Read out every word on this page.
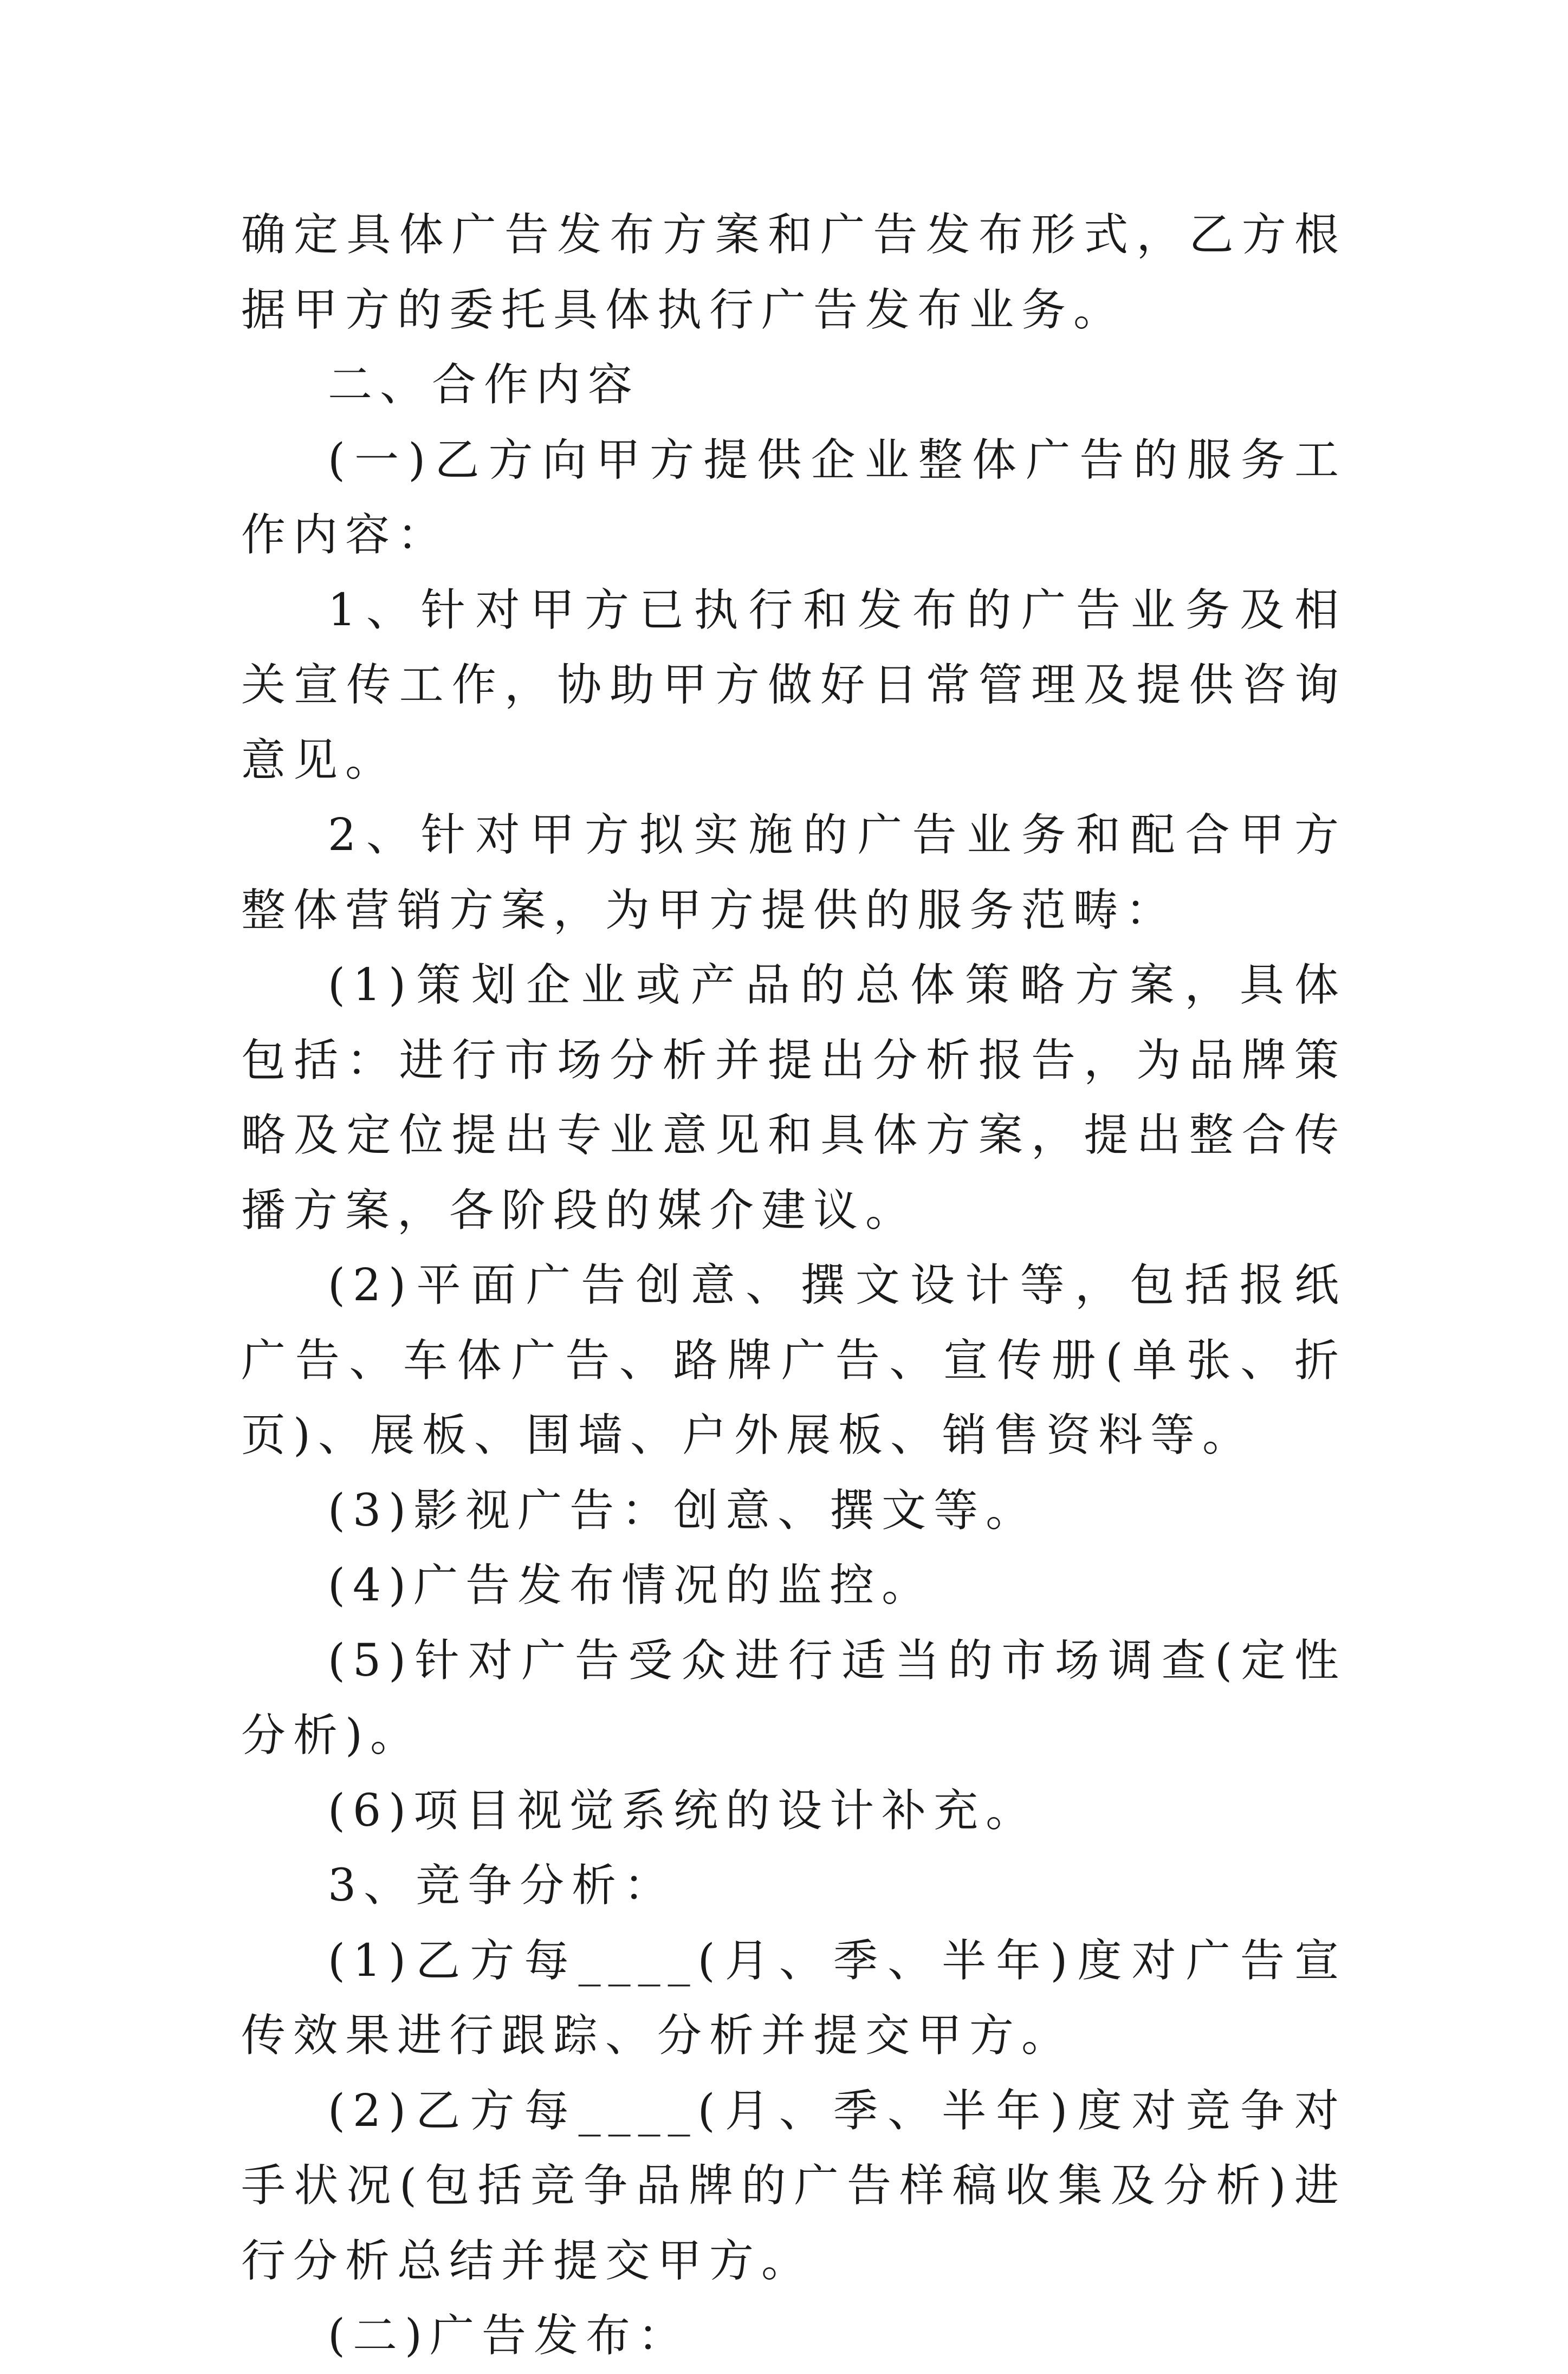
确定具体广告发布方案和广告发布形式，乙方根据甲方的委托具体执行广告发布业务。

二、合作内容

(一)乙方向甲方提供企业整体广告的服务工作内容：

1、针对甲方已执行和发布的广告业务及相关宣传工作，协助甲方做好日常管理及提供咨询意见。

2、针对甲方拟实施的广告业务和配合甲方整体营销方案，为甲方提供的服务范畴：

(1)策划企业或产品的总体策略方案，具体包括：进行市场分析并提出分析报告，为品牌策略及定位提出专业意见和具体方案，提出整合传播方案，各阶段的媒介建议。

(2)平面广告创意、撰文设计等，包括报纸广告、车体广告、路牌广告、宣传册(单张、折页)、展板、围墙、户外展板、销售资料等。

(3)影视广告：创意、撰文等。

(4)广告发布情况的监控。

(5)针对广告受众进行适当的市场调查(定性分析)。

(6)项目视觉系统的设计补充。

3、竞争分析：

(1)乙方每____(月、季、半年)度对广告宣传效果进行跟踪、分析并提交甲方。

(2)乙方每____(月、季、半年)度对竞争对手状况(包括竞争品牌的广告样稿收集及分析)进行分析总结并提交甲方。

(二)广告发布：
